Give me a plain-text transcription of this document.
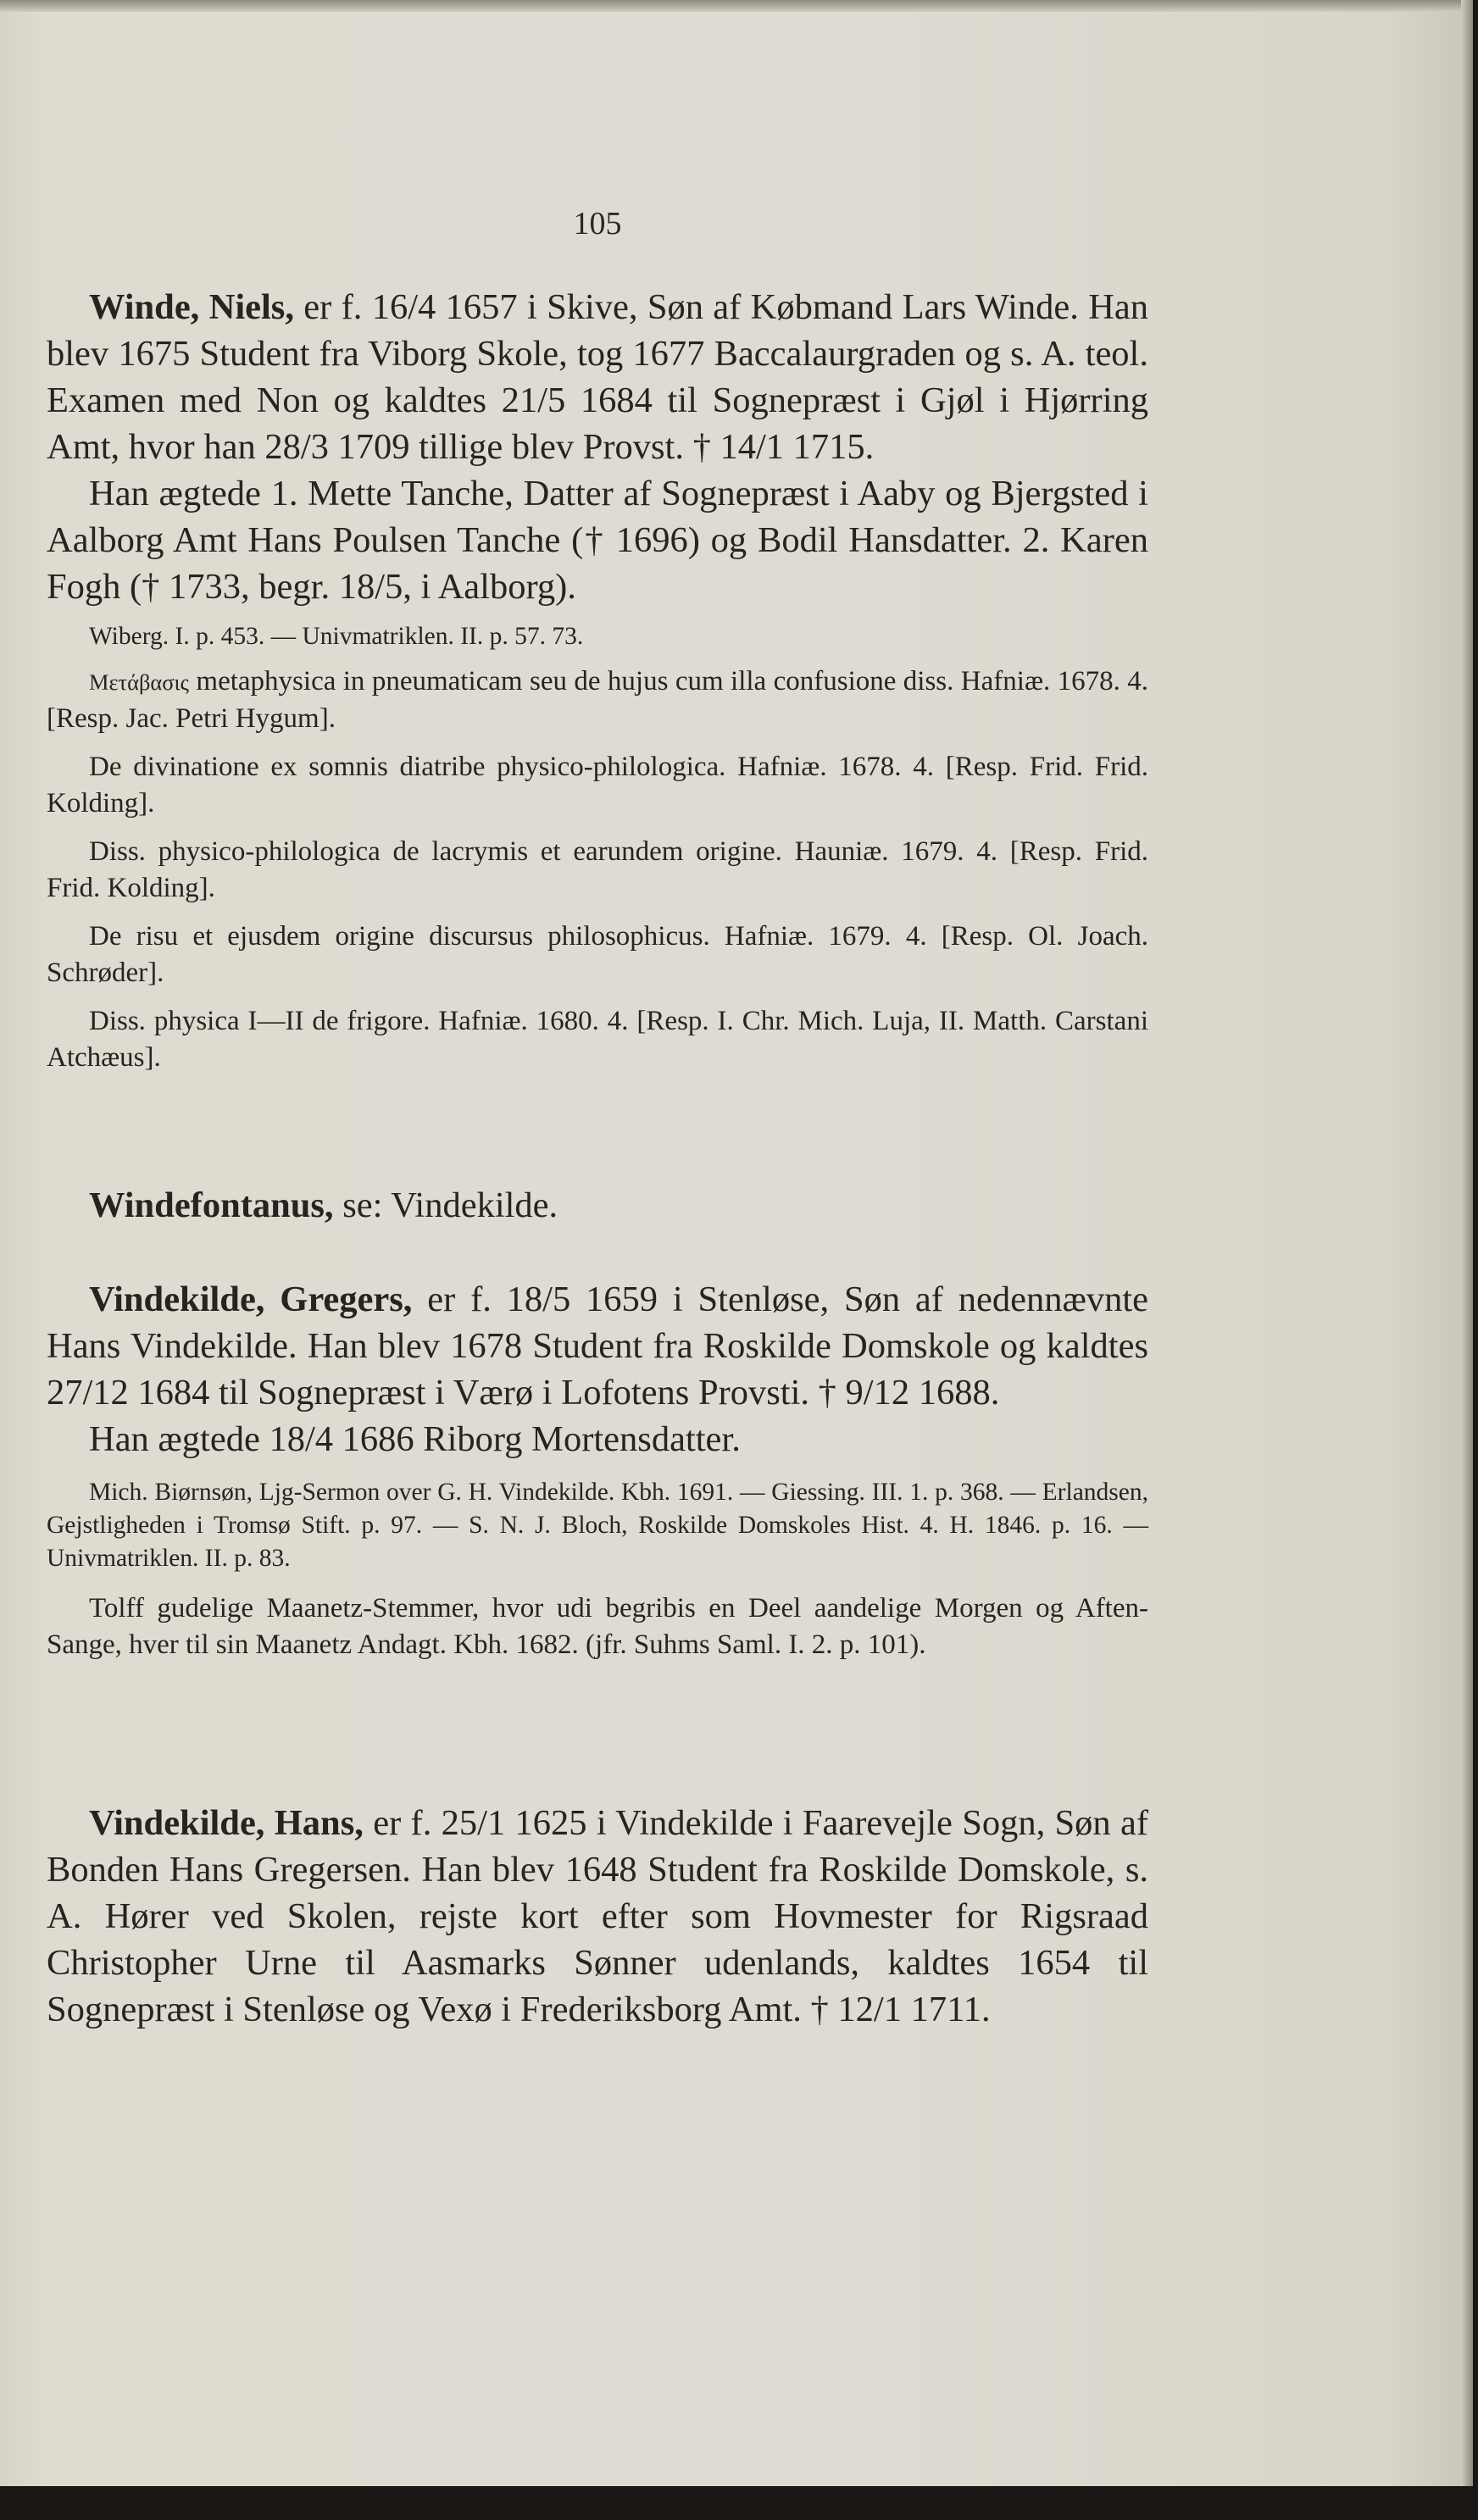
105

Winde, Niels, er f. 16/4 1657 i Skive, Søn af Købmand Lars Winde. Han blev 1675 Student fra Viborg Skole, tog 1677 Baccalaurgraden og s. A. teol. Examen med Non og kaldtes 21/5 1684 til Sognepræst i Gjøl i Hjørring Amt, hvor han 28/3 1709 tillige blev Provst. † 14/1 1715.

Han ægtede 1. Mette Tanche, Datter af Sognepræst i Aaby og Bjergsted i Aalborg Amt Hans Poulsen Tanche († 1696) og Bodil Hansdatter. 2. Karen Fogh († 1733, begr. 18/5, i Aalborg).

Wiberg. I. p. 453. — Univmatriklen. II. p. 57. 73.

Μετάβασις metaphysica in pneumaticam seu de hujus cum illa confusione diss. Hafniæ. 1678. 4. [Resp. Jac. Petri Hygum].

De divinatione ex somnis diatribe physico-philologica. Hafniæ. 1678. 4. [Resp. Frid. Frid. Kolding].

Diss. physico-philologica de lacrymis et earundem origine. Hauniæ. 1679. 4. [Resp. Frid. Frid. Kolding].

De risu et ejusdem origine discursus philosophicus. Hafniæ. 1679. 4. [Resp. Ol. Joach. Schrøder].

Diss. physica I—II de frigore. Hafniæ. 1680. 4. [Resp. I. Chr. Mich. Luja, II. Matth. Carstani Atchæus].

Windefontanus, se: Vindekilde.

Vindekilde, Gregers, er f. 18/5 1659 i Stenløse, Søn af nedennævnte Hans Vindekilde. Han blev 1678 Student fra Roskilde Domskole og kaldtes 27/12 1684 til Sognepræst i Værø i Lofotens Provsti. † 9/12 1688.

Han ægtede 18/4 1686 Riborg Mortensdatter.

Mich. Biørnsøn, Ljg-Sermon over G. H. Vindekilde. Kbh. 1691. — Giessing. III. 1. p. 368. — Erlandsen, Gejstligheden i Tromsø Stift. p. 97. — S. N. J. Bloch, Roskilde Domskoles Hist. 4. H. 1846. p. 16. — Univmatriklen. II. p. 83.

Tolff gudelige Maanetz-Stemmer, hvor udi begribis en Deel aandelige Morgen og Aften-Sange, hver til sin Maanetz Andagt. Kbh. 1682. (jfr. Suhms Saml. I. 2. p. 101).

Vindekilde, Hans, er f. 25/1 1625 i Vindekilde i Faarevejle Sogn, Søn af Bonden Hans Gregersen. Han blev 1648 Student fra Roskilde Domskole, s. A. Hører ved Skolen, rejste kort efter som Hovmester for Rigsraad Christopher Urne til Aasmarks Sønner udenlands, kaldtes 1654 til Sognepræst i Stenløse og Vexø i Frederiksborg Amt. † 12/1 1711.
